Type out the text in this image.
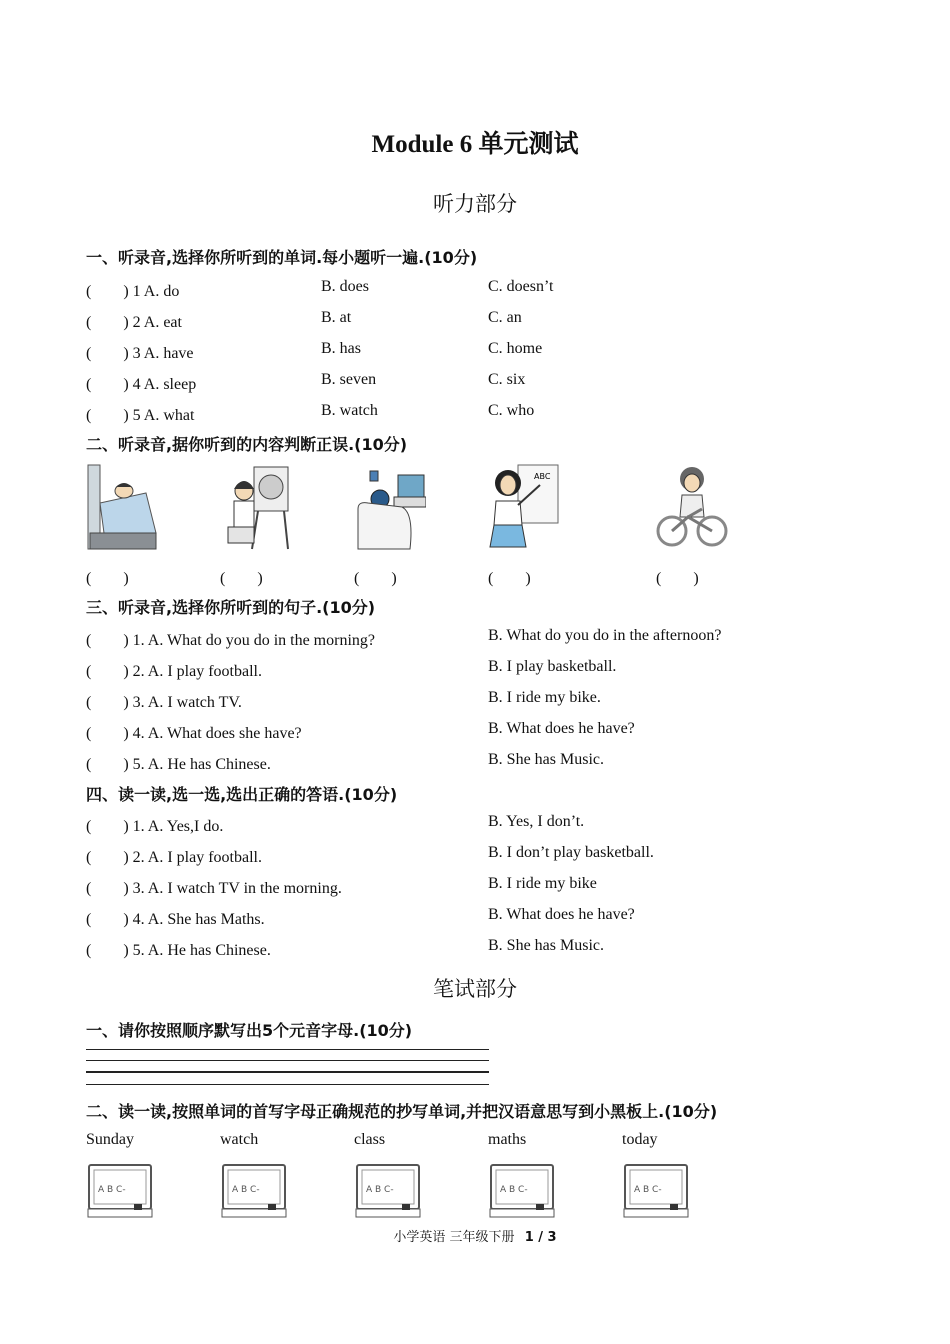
Module 6 单元测试
听力部分
一、听录音,选择你所听到的单词.每小题听一遍.(10分)
(　　) 1 A. do	B. does	C. doesn’t
(　　) 2 A. eat	B. at	C. an
(　　) 3 A. have	B. has	C. home
(　　) 4 A. sleep	B. seven	C. six
(　　) 5 A. what	B. watch	C. who
二、听录音,据你听到的内容判断正误.(10分)
ABC
(　　)	(　　)	(　　)	(　　)	(　　)
三、听录音,选择你所听到的句子.(10分)
(　　) 1. A. What do you do in the morning?	B. What do you do in the afternoon?
(　　) 2. A. I play football.	B. I play basketball.
(　　) 3. A. I watch TV.	B. I ride my bike.
(　　) 4. A. What does she have?	B. What does he have?
(　　) 5. A. He has Chinese.	B. She has Music.
四、读一读,选一选,选出正确的答语.(10分)
(　　) 1. A. Yes,I do.	B. Yes, I don’t.
(　　) 2. A. I play football.	B. I don’t play basketball.
(　　) 3. A. I watch TV in the morning.	B. I ride my bike
(　　) 4. A. She has Maths.	B. What does he have?
(　　) 5. A. He has Chinese.	B. She has Music.
笔试部分
一、请你按照顺序默写出5个元音字母.(10分)
二、读一读,按照单词的首写字母正确规范的抄写单词,并把汉语意思写到小黑板上.(10分)
Sunday	watch	class	maths	today
A B C-	A B C-	A B C-	A B C-	A B C-
小学英语 三年级下册 1 / 3
